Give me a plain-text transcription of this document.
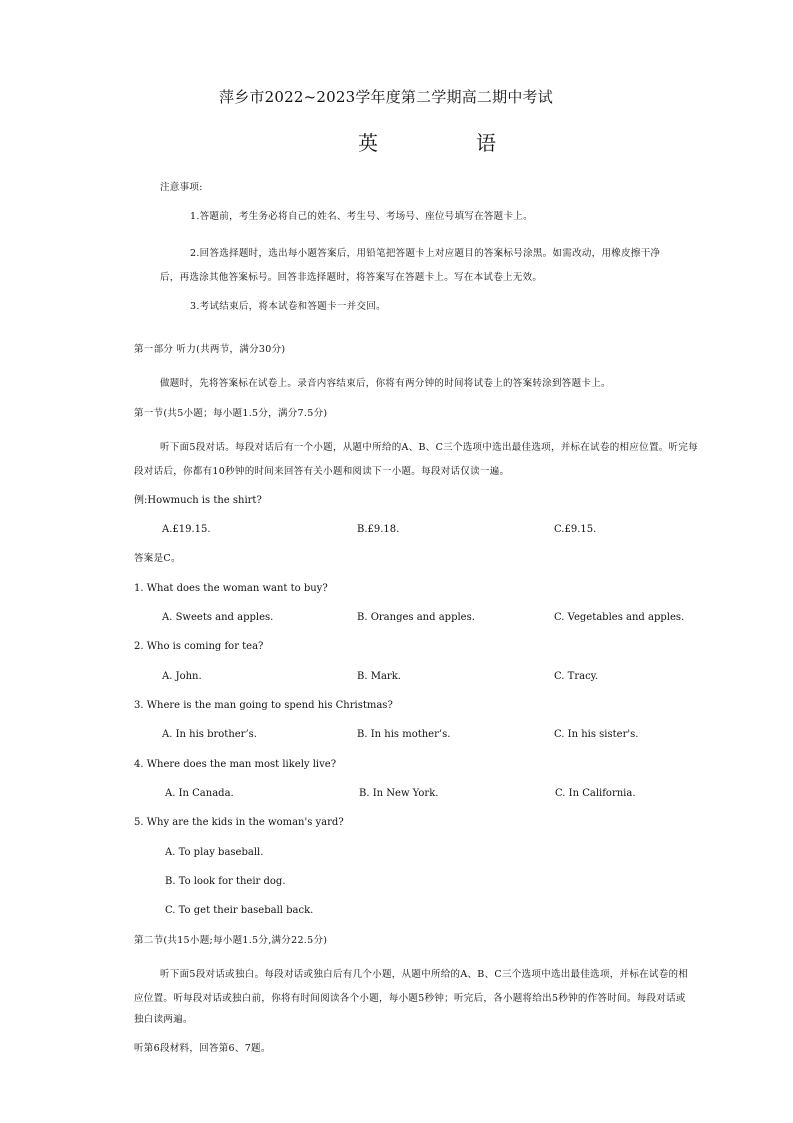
萍乡市2022~2023学年度第二学期高二期中考试
英	语
注意事项:
1.答题前，考生务必将自己的姓名、考生号、考场号、座位号填写在答题卡上。
2.回答选择题时，选出每小题答案后，用铅笔把答题卡上对应题目的答案标号涂黑。如需改动，用橡皮擦干净
后，再选涂其他答案标号。回答非选择题时，将答案写在答题卡上。写在本试卷上无效。
3.考试结束后，将本试卷和答题卡一并交回。
第一部分 听力(共两节，满分30分)
做题时，先将答案标在试卷上。录音内容结束后，你将有两分钟的时间将试卷上的答案转涂到答题卡上。
第一节(共5小题；每小题1.5分，满分7.5分)
听下面5段对话。每段对话后有一个小题，从题中所给的A、B、C三个选项中选出最佳选项，并标在试卷的相应位置。听完每
段对话后，你都有10秒钟的时间来回答有关小题和阅读下一小题。每段对话仅读一遍。
例:Howmuch is the shirt?
A.£19.15.	B.£9.18.	C.£9.15.
答案是C。
1. What does the woman want to buy?
A. Sweets and apples.	B. Oranges and apples.	C. Vegetables and apples.
2. Who is coming for tea?
A. John.	B. Mark.	C. Tracy.
3. Where is the man going to spend his Christmas?
A. In his brother’s.	B. In his mother’s.	C. In his sister's.
4. Where does the man most likely live?
A. In Canada.	B. In New York.	C. In California.
5. Why are the kids in the woman's yard?
A. To play baseball.
B. To look for their dog.
C. To get their baseball back.
第二节(共15小题;每小题1.5分,满分22.5分)
听下面5段对话或独白。每段对话或独白后有几个小题，从题中所给的A、B、C三个选项中选出最佳选项，并标在试卷的相
应位置。听每段对话或独白前，你将有时间阅读各个小题，每小题5秒钟；听完后，各小题将给出5秒钟的作答时间。每段对话或
独白读两遍。
听第6段材料，回答第6、7题。
